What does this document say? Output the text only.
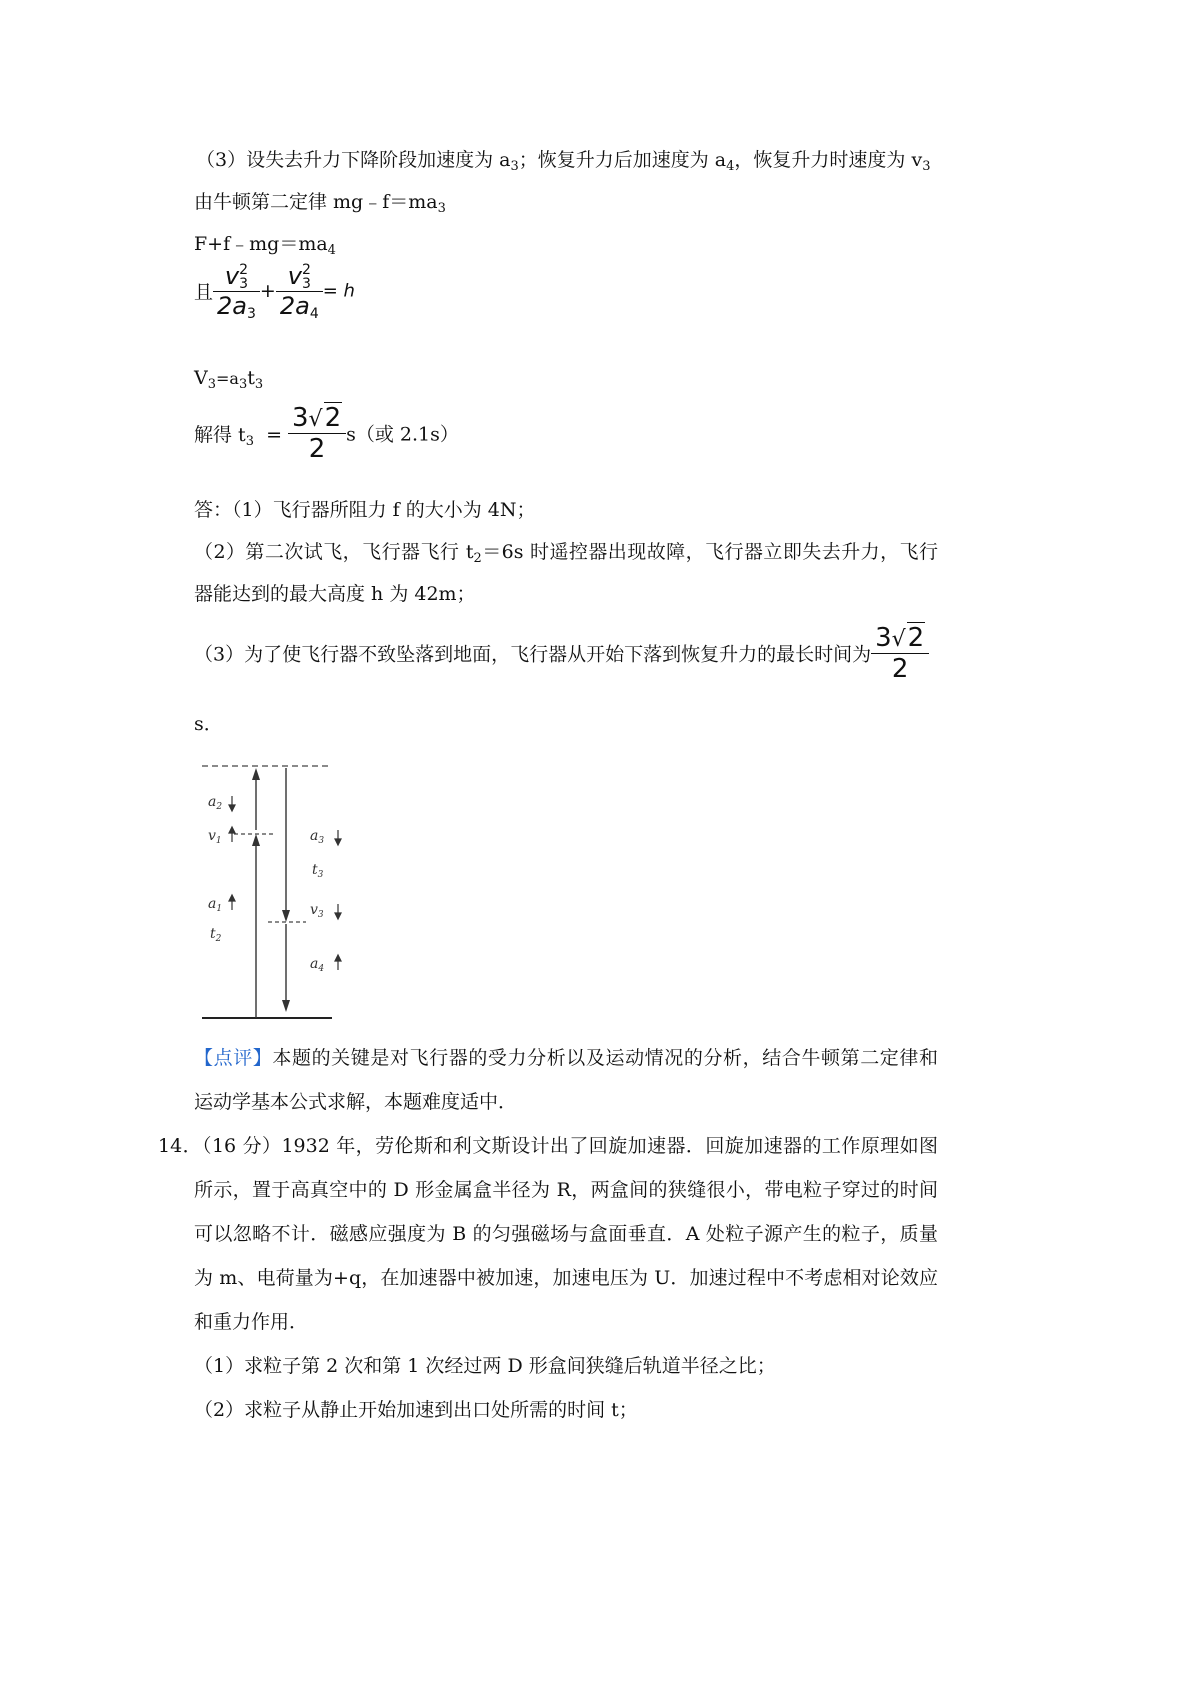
（3）设失去升力下降阶段加速度为 $a_3$；恢复升力后加速度为 $a_4$，恢复升力时速度为 $v_3$
由牛顿第二定律 $mg﹣f=ma_3$
$F+f﹣mg=ma_4$
且 v 2
3
$2a_3 + v$ 2
3
$2a_4 = h$
$V_3=a_3t_3$
解得 $t_3 = \frac{3√2}{2} s$（或 2.1s）
答：（1）飞行器所阻力 f 的大小为 4N；
（2）第二次试飞，飞行器飞行 $t_2=6s$ 时遥控器出现故障，飞行器立即失去升力，飞行
器能达到的最大高度 h 为 42m；
（3）为了使飞行器不致坠落到地面，飞行器从开始下落到恢复升力的最长时间为 $\frac{3√2}{2}$
s．
$a_2$
$v_1$
$a_1$
$t_2$
$a_3$
$t_3$
$v_3$
$a_4$
【点评】本题的关键是对飞行器的受力分析以及运动情况的分析，结合牛顿第二定律和
运动学基本公式求解，本题难度适中．
14．（16 分）1932 年，劳伦斯和利文斯设计出了回旋加速器．回旋加速器的工作原理如图
所示，置于高真空中的 D 形金属盒半径为 R，两盒间的狭缝很小，带电粒子穿过的时间
可以忽略不计．磁感应强度为 B 的匀强磁场与盒面垂直．A 处粒子源产生的粒子，质量
为 m、电荷量为+q，在加速器中被加速，加速电压为 U．加速过程中不考虑相对论效应
和重力作用．
（1）求粒子第 2 次和第 1 次经过两 D 形盒间狭缝后轨道半径之比；
（2）求粒子从静止开始加速到出口处所需的时间 t；
